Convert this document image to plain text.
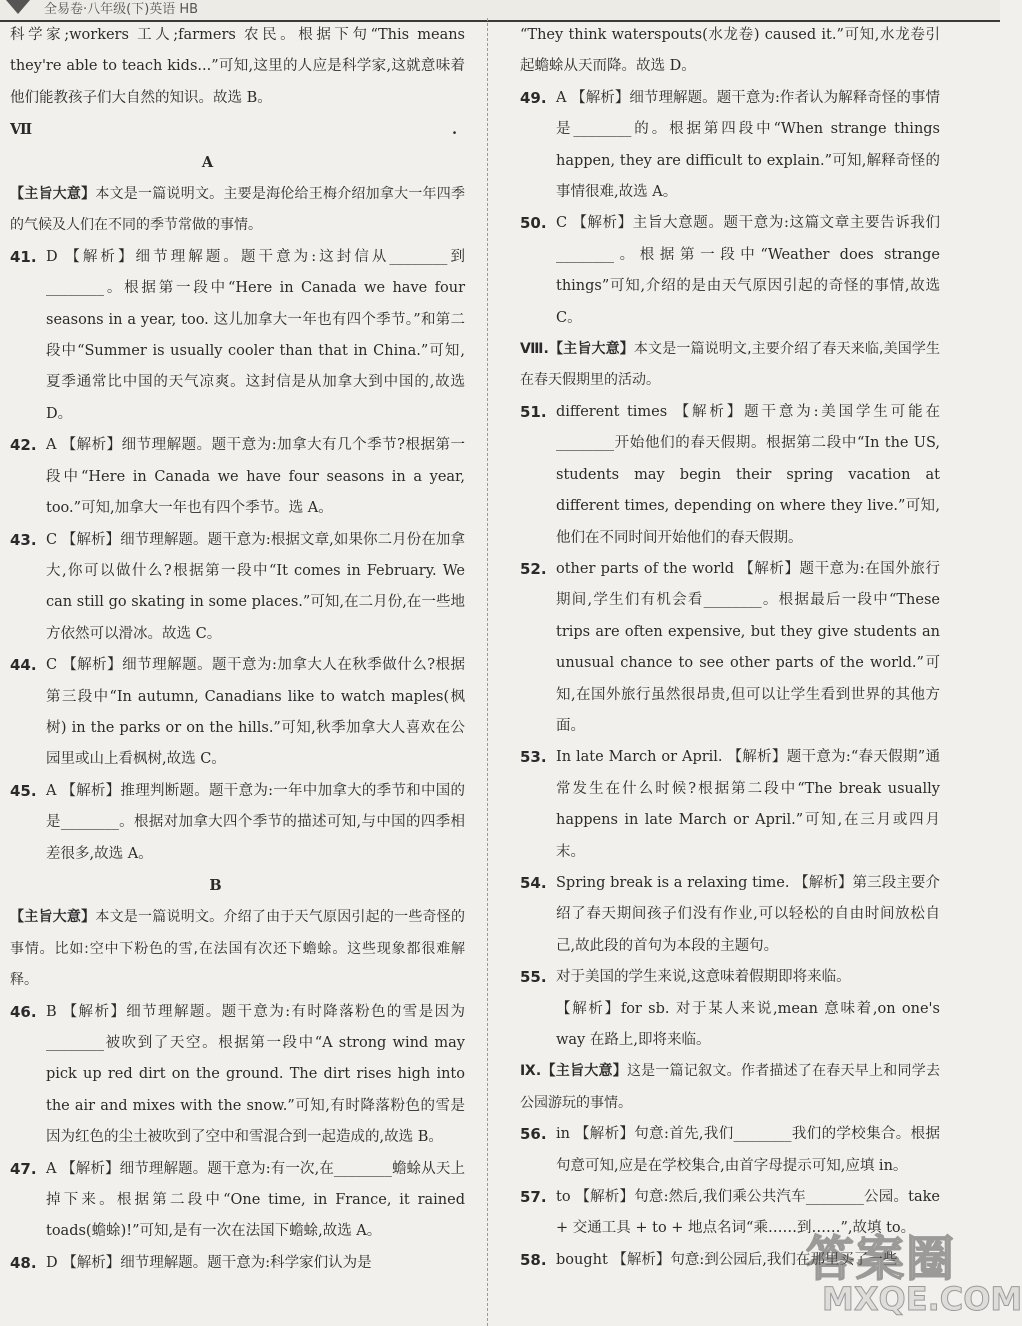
全易卷·八年级(下)英语 HB

科学家;workers 工人;farmers 农民。根据下句“This means they're able to teach kids...”可知,这里的人应是科学家,这就意味着他们能教孩子们大自然的知识。故选 B。

Ⅶ.A

【主旨大意】本文是一篇说明文。主要是海伦给王梅介绍加拿大一年四季的气候及人们在不同的季节常做的事情。

41. D 【解析】细节理解题。题干意为:这封信从________到________。根据第一段中“Here in Canada we have four seasons in a year, too. 这儿加拿大一年也有四个季节。”和第二段中“Summer is usually cooler than that in China.”可知,夏季通常比中国的天气凉爽。这封信是从加拿大到中国的,故选 D。
42. A 【解析】细节理解题。题干意为:加拿大有几个季节?根据第一段中“Here in Canada we have four seasons in a year, too.”可知,加拿大一年也有四个季节。选 A。
43. C 【解析】细节理解题。题干意为:根据文章,如果你二月份在加拿大,你可以做什么?根据第一段中“It comes in February. We can still go skating in some places.”可知,在二月份,在一些地方依然可以滑冰。故选 C。
44. C 【解析】细节理解题。题干意为:加拿大人在秋季做什么?根据第三段中“In autumn, Canadians like to watch maples(枫树) in the parks or on the hills.”可知,秋季加拿大人喜欢在公园里或山上看枫树,故选 C。
45. A 【解析】推理判断题。题干意为:一年中加拿大的季节和中国的是________。根据对加拿大四个季节的描述可知,与中国的四季相差很多,故选 A。
B

【主旨大意】本文是一篇说明文。介绍了由于天气原因引起的一些奇怪的事情。比如:空中下粉色的雪,在法国有次还下蟾蜍。这些现象都很难解释。

46. B 【解析】细节理解题。题干意为:有时降落粉色的雪是因为________被吹到了天空。根据第一段中“A strong wind may pick up red dirt on the ground. The dirt rises high into the air and mixes with the snow.”可知,有时降落粉色的雪是因为红色的尘土被吹到了空中和雪混合到一起造成的,故选 B。
47. A 【解析】细节理解题。题干意为:有一次,在________蟾蜍从天上掉下来。根据第二段中“One time, in France, it rained toads(蟾蜍)!”可知,是有一次在法国下蟾蜍,故选 A。
48. D 【解析】细节理解题。题干意为:科学家们认为是

“They think waterspouts(水龙卷) caused it.”可知,水龙卷引起蟾蜍从天而降。故选 D。

49. A 【解析】细节理解题。题干意为:作者认为解释奇怪的事情是________的。根据第四段中“When strange things happen, they are difficult to explain.”可知,解释奇怪的事情很难,故选 A。
50. C 【解析】主旨大意题。题干意为:这篇文章主要告诉我们________。根据第一段中“Weather does strange things”可知,介绍的是由天气原因引起的奇怪的事情,故选 C。

Ⅷ.【主旨大意】本文是一篇说明文,主要介绍了春天来临,美国学生在春天假期里的活动。

51. different times 【解析】题干意为:美国学生可能在________开始他们的春天假期。根据第二段中“In the US, students may begin their spring vacation at different times, depending on where they live.”可知,他们在不同时间开始他们的春天假期。
52. other parts of the world 【解析】题干意为:在国外旅行期间,学生们有机会看________。根据最后一段中“These trips are often expensive, but they give students an unusual chance to see other parts of the world.”可知,在国外旅行虽然很昂贵,但可以让学生看到世界的其他方面。
53. In late March or April. 【解析】题干意为:“春天假期”通常发生在什么时候?根据第二段中“The break usually happens in late March or April.”可知,在三月或四月末。
54. Spring break is a relaxing time. 【解析】第三段主要介绍了春天期间孩子们没有作业,可以轻松的自由时间放松自己,故此段的首句为本段的主题句。
55. 对于美国的学生来说,这意味着假期即将来临。

【解析】for sb. 对于某人来说,mean 意味着,on one's way 在路上,即将来临。

Ⅸ.【主旨大意】这是一篇记叙文。作者描述了在春天早上和同学去公园游玩的事情。

56. in 【解析】句意:首先,我们________我们的学校集合。根据句意可知,应是在学校集合,由首字母提示可知,应填 in。
57. to 【解析】句意:然后,我们乘公共汽车________公园。take + 交通工具 + to + 地点名词“乘……到……”,故填 to。
58. bought 【解析】句意:到公园后,我们在那里买了一些
答案圈
MXQE.COM
